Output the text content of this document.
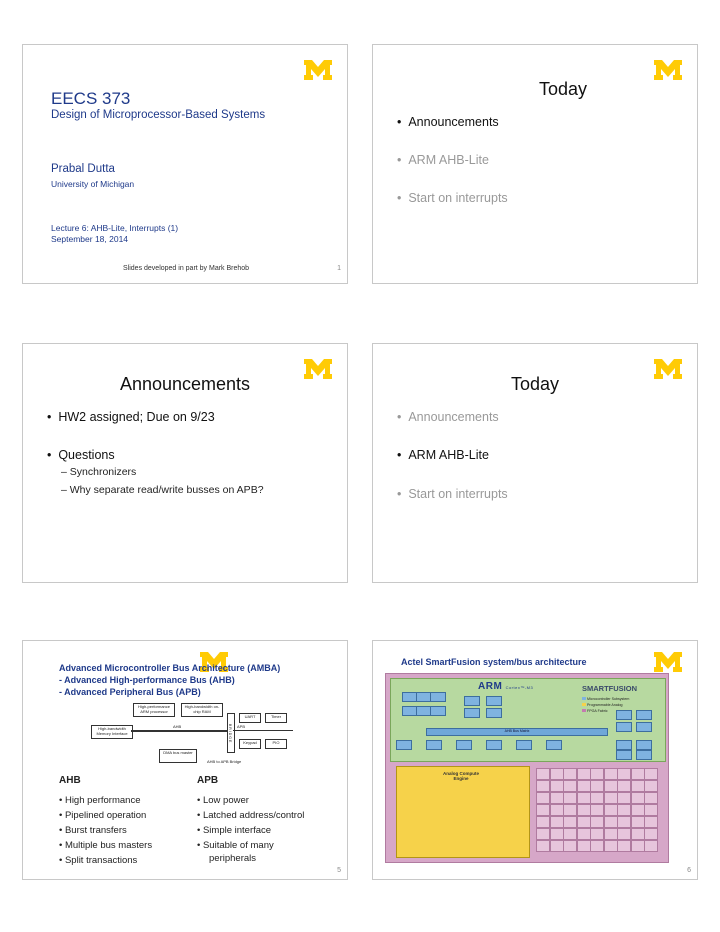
EECS 373
Design of Microprocessor-Based Systems
Prabal Dutta
University of Michigan
Lecture 6: AHB-Lite, Interrupts (1)
September 18, 2014
Slides developed in part by Mark Brehob	1
Today
•  Announcements
•  ARM AHB-Lite
•  Start on interrupts
Announcements
•  HW2 assigned; Due on 9/23
•  Questions
– Synchronizers
– Why separate read/write busses on APB?
Today
•  Announcements
•  ARM AHB-Lite
•  Start on interrupts
Advanced Microcontroller Bus Architecture (AMBA)
- Advanced High-performance Bus (AHB)
- Advanced Peripheral Bus (APB)
High-performance ARM processor
High-bandwidth on-chip RAM
High-bandwidth Memory Interface
AHB	B R I D G E	APB
UART	Timer
Keypad	PIO
DMA bus master
AHB to APB Bridge
AHB	APB
• High performance
• Pipelined operation
• Burst transfers
• Multiple bus masters
• Split transactions
• Low power
• Latched address/control
• Simple interface
• Suitable of many
peripherals
5
Actel SmartFusion system/bus architecture
ARM Cortex™-M3	SMARTFUSION
Microcontroller Subsystem
Programmable Analog
FPGA Fabric
AHB Bus Matrix
Analog Compute Engine
6
